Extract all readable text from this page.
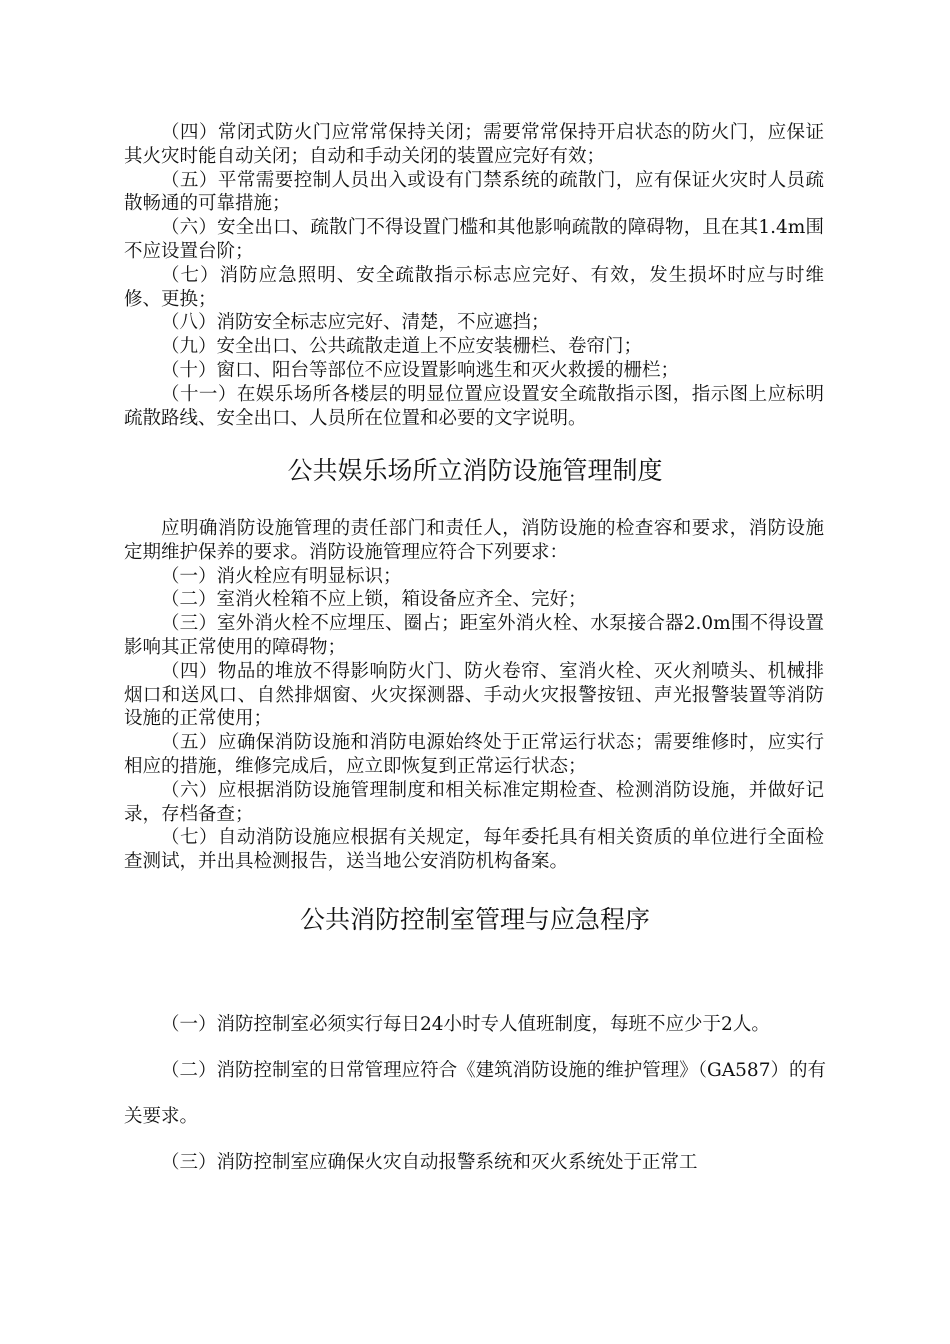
（四）常闭式防火门应常常保持关闭；需要常常保持开启状态的防火门，应保证其火灾时能自动关闭；自动和手动关闭的装置应完好有效；

（五）平常需要控制人员出入或设有门禁系统的疏散门，应有保证火灾时人员疏散畅通的可靠措施；

（六）安全出口、疏散门不得设置门槛和其他影响疏散的障碍物，且在其1.4m围不应设置台阶；

（七）消防应急照明、安全疏散指示标志应完好、有效，发生损坏时应与时维修、更换；

（八）消防安全标志应完好、清楚，不应遮挡；

（九）安全出口、公共疏散走道上不应安装栅栏、卷帘门；

（十）窗口、阳台等部位不应设置影响逃生和灭火救援的栅栏；

（十一）在娱乐场所各楼层的明显位置应设置安全疏散指示图，指示图上应标明疏散路线、安全出口、人员所在位置和必要的文字说明。

公共娱乐场所立消防设施管理制度

应明确消防设施管理的责任部门和责任人，消防设施的检查容和要求，消防设施定期维护保养的要求。消防设施管理应符合下列要求：

（一）消火栓应有明显标识；

（二）室消火栓箱不应上锁，箱设备应齐全、完好；

（三）室外消火栓不应埋压、圈占；距室外消火栓、水泵接合器2.0m围不得设置影响其正常使用的障碍物；

（四）物品的堆放不得影响防火门、防火卷帘、室消火栓、灭火剂喷头、机械排烟口和送风口、自然排烟窗、火灾探测器、手动火灾报警按钮、声光报警装置等消防设施的正常使用；

（五）应确保消防设施和消防电源始终处于正常运行状态；需要维修时，应实行相应的措施，维修完成后，应立即恢复到正常运行状态；

（六）应根据消防设施管理制度和相关标准定期检查、检测消防设施，并做好记录，存档备查；

（七）自动消防设施应根据有关规定，每年委托具有相关资质的单位进行全面检查测试，并出具检测报告，送当地公安消防机构备案。

公共消防控制室管理与应急程序

（一）消防控制室必须实行每日24小时专人值班制度，每班不应少于2人。

（二）消防控制室的日常管理应符合《建筑消防设施的维护管理》（GA587）的有关要求。

（三）消防控制室应确保火灾自动报警系统和灭火系统处于正常工
